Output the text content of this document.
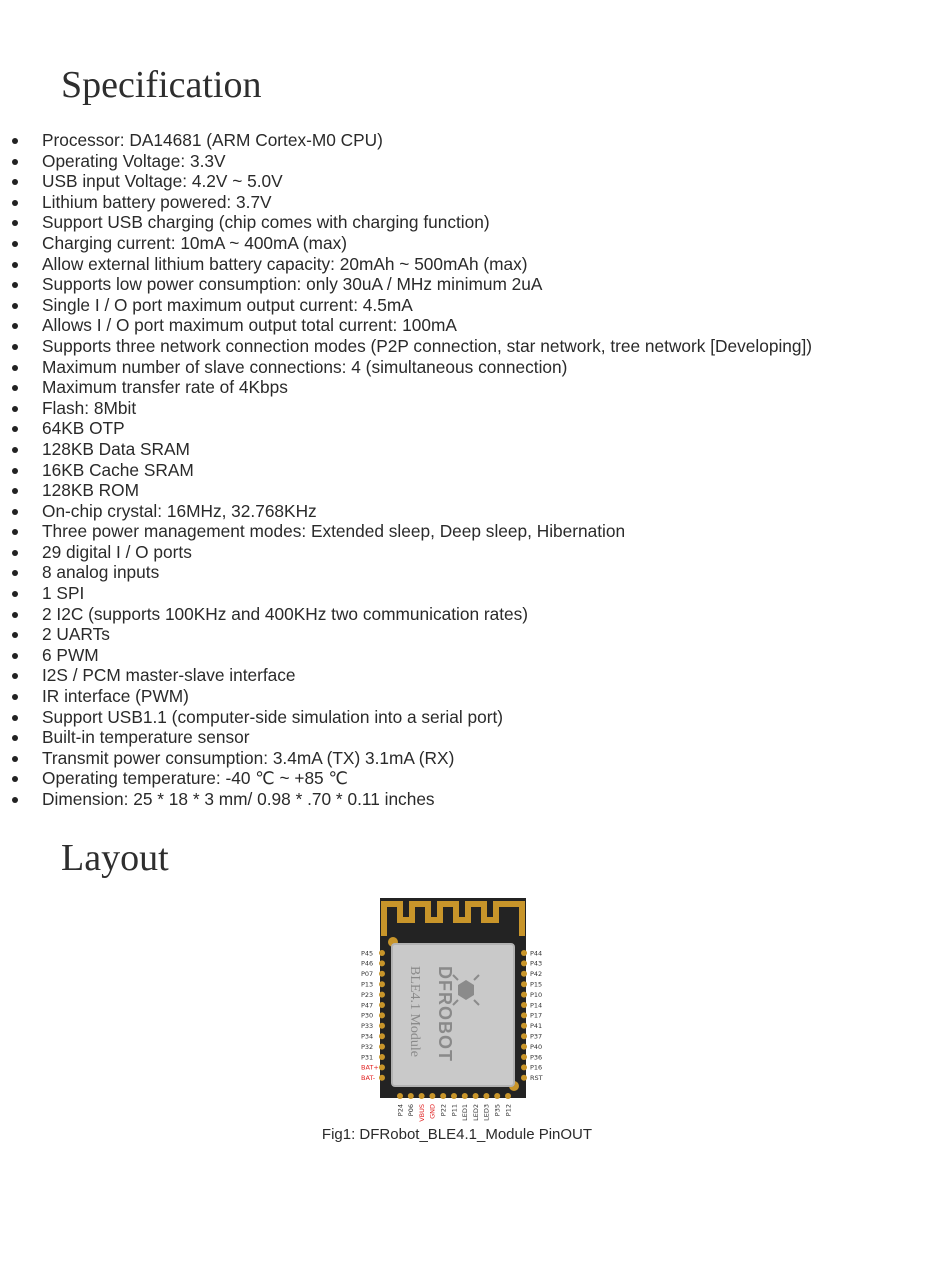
Specification
Processor: DA14681 (ARM Cortex-M0 CPU)
Operating Voltage: 3.3V
USB input Voltage: 4.2V ~ 5.0V
Lithium battery powered: 3.7V
Support USB charging (chip comes with charging function)
Charging current: 10mA ~ 400mA (max)
Allow external lithium battery capacity: 20mAh ~ 500mAh (max)
Supports low power consumption: only 30uA / MHz minimum 2uA
Single I / O port maximum output current: 4.5mA
Allows I / O port maximum output total current: 100mA
Supports three network connection modes (P2P connection, star network, tree network [Developing])
Maximum number of slave connections: 4 (simultaneous connection)
Maximum transfer rate of 4Kbps
Flash: 8Mbit
64KB OTP
128KB Data SRAM
16KB Cache SRAM
128KB ROM
On-chip crystal: 16MHz, 32.768KHz
Three power management modes: Extended sleep, Deep sleep, Hibernation
29 digital I / O ports
8 analog inputs
1 SPI
2 I2C (supports 100KHz and 400KHz two communication rates)
2 UARTs
6 PWM
I2S / PCM master-slave interface
IR interface (PWM)
Support USB1.1 (computer-side simulation into a serial port)
Built-in temperature sensor
Transmit power consumption: 3.4mA (TX) 3.1mA (RX)
Operating temperature: -40 ℃ ~ +85 ℃
Dimension: 25 * 18 * 3 mm/ 0.98 * .70 * 0.11 inches
Layout
DFROBOT
BLE4.1 Module
P45
P46
P07
P13
P23
P47
P30
P33
P34
P32
P31
BAT+
BAT-
P44
P43
P42
P15
P10
P14
P17
P41
P37
P40
P36
P16
RST
P24 P06 VBUS GND P22 P11 LED1 LED2 LED3 P35 P12
Fig1: DFRobot_BLE4.1_Module PinOUT
